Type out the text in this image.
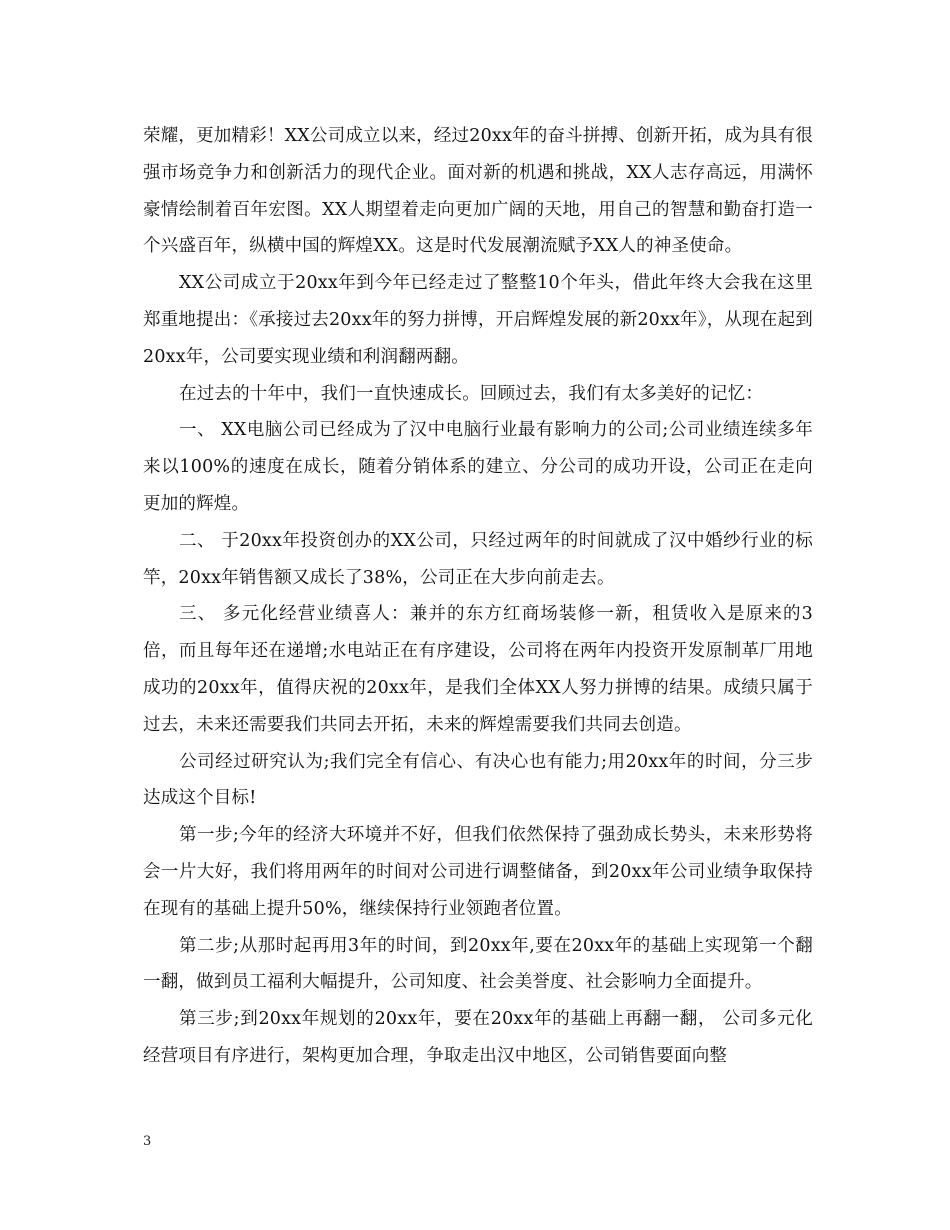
荣耀，更加精彩！XX公司成立以来，经过20xx年的奋斗拼搏、创新开拓，成为具有很强市场竞争力和创新活力的现代企业。面对新的机遇和挑战，XX人志存高远，用满怀豪情绘制着百年宏图。XX人期望着走向更加广阔的天地，用自己的智慧和勤奋打造一个兴盛百年，纵横中国的辉煌XX。这是时代发展潮流赋予XX人的神圣使命。

XX公司成立于20xx年到今年已经走过了整整10个年头，借此年终大会我在这里郑重地提出：《承接过去20xx年的努力拼博，开启辉煌发展的新20xx年》，从现在起到20xx年，公司要实现业绩和利润翻两翻。

在过去的十年中，我们一直快速成长。回顾过去，我们有太多美好的记忆：

一、 XX电脑公司已经成为了汉中电脑行业最有影响力的公司;公司业绩连续多年来以100%的速度在成长，随着分销体系的建立、分公司的成功开设，公司正在走向更加的辉煌。

二、 于20xx年投资创办的XX公司，只经过两年的时间就成了汉中婚纱行业的标竿，20xx年销售额又成长了38%，公司正在大步向前走去。

三、 多元化经营业绩喜人：兼并的东方红商场装修一新，租赁收入是原来的3倍，而且每年还在递增;水电站正在有序建设，公司将在两年内投资开发原制革厂用地成功的20xx年，值得庆祝的20xx年，是我们全体XX人努力拼博的结果。成绩只属于过去，未来还需要我们共同去开拓，未来的辉煌需要我们共同去创造。

公司经过研究认为;我们完全有信心、有决心也有能力;用20xx年的时间，分三步达成这个目标!

第一步;今年的经济大环境并不好，但我们依然保持了强劲成长势头，未来形势将会一片大好，我们将用两年的时间对公司进行调整储备，到20xx年公司业绩争取保持在现有的基础上提升50%，继续保持行业领跑者位置。

第二步;从那时起再用3年的时间，到20xx年,要在20xx年的基础上实现第一个翻一翻，做到员工福利大幅提升，公司知度、社会美誉度、社会影响力全面提升。

第三步;到20xx年规划的20xx年，要在20xx年的基础上再翻一翻， 公司多元化经营项目有序进行，架构更加合理，争取走出汉中地区，公司销售要面向整

3
